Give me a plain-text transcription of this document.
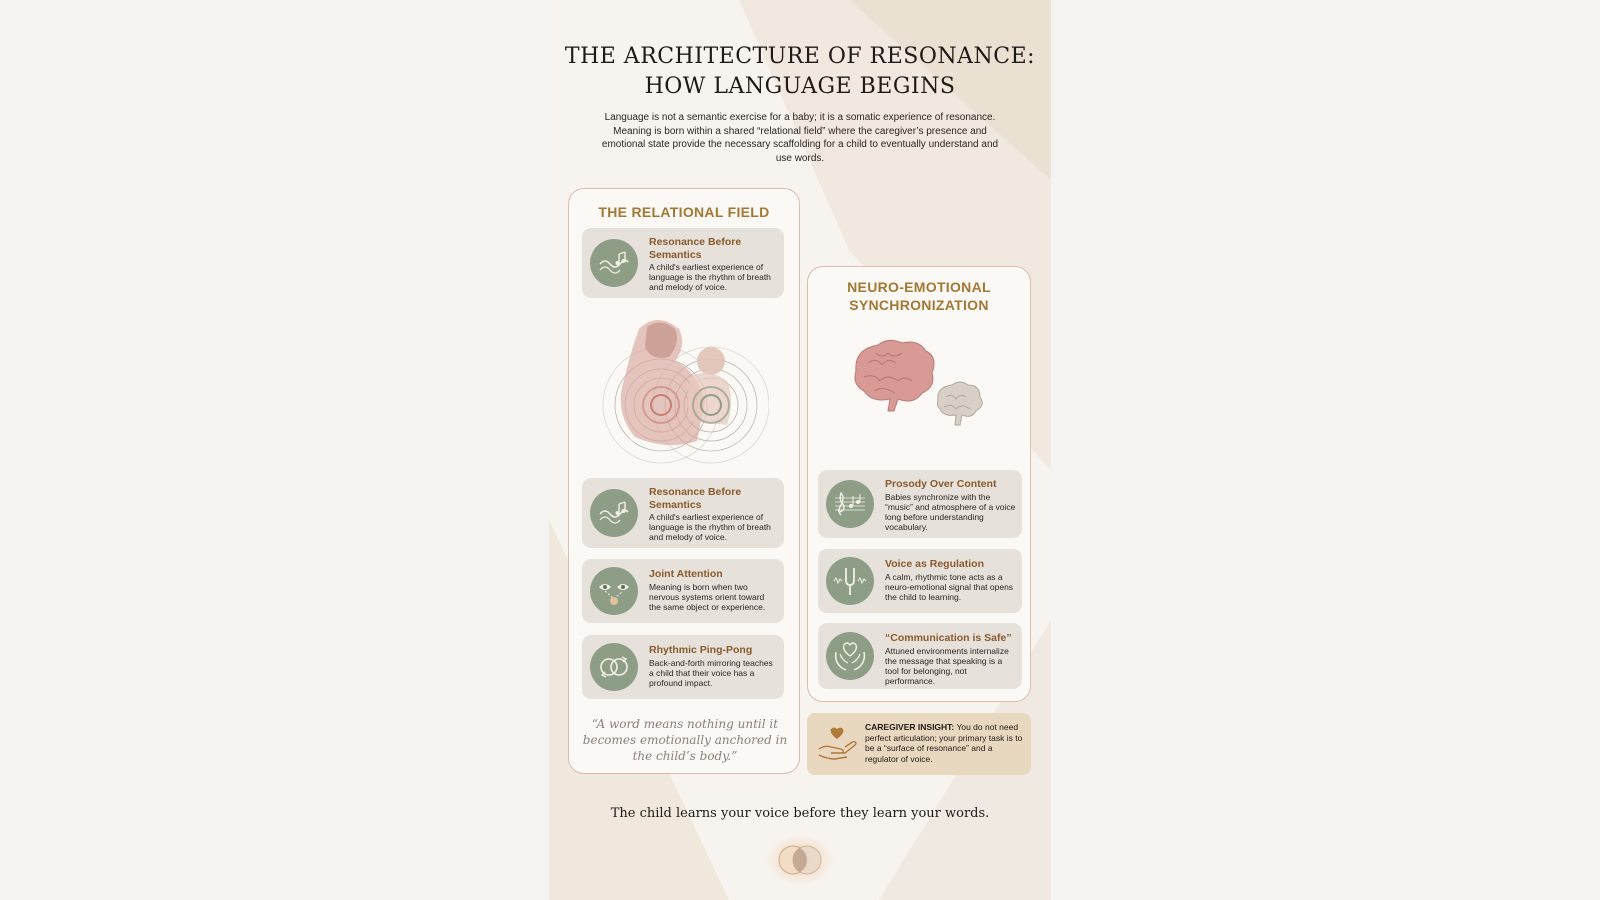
THE ARCHITECTURE OF RESONANCE:
HOW LANGUAGE BEGINS

Language is not a semantic exercise for a baby; it is a somatic experience of resonance. Meaning is born within a shared “relational field” where the caregiver’s presence and emotional state provide the necessary scaffolding for a child to eventually understand and use words.

THE RELATIONAL FIELD

Resonance Before Semantics

A child's earliest experience of language is the rhythm of breath and melody of voice.

Resonance Before Semantics

A child's earliest experience of language is the rhythm of breath and melody of voice.

Joint Attention

Meaning is born when two nervous systems orient toward the same object or experience.

Rhythmic Ping-Pong

Back-and-forth mirroring teaches a child that their voice has a profound impact.

“A word means nothing until it becomes emotionally anchored in the child’s body.”

NEURO-EMOTIONAL SYNCHRONIZATION

Prosody Over Content

Babies synchronize with the “music” and atmosphere of a voice long before understanding vocabulary.

Voice as Regulation

A calm, rhythmic tone acts as a neuro-emotional signal that opens the child to learning.

“Communication is Safe”

Attuned environments internalize the message that speaking is a tool for belonging, not performance.

CAREGIVER INSIGHT: You do not need perfect articulation; your primary task is to be a “surface of resonance” and a regulator of voice.

The child learns your voice before they learn your words.
